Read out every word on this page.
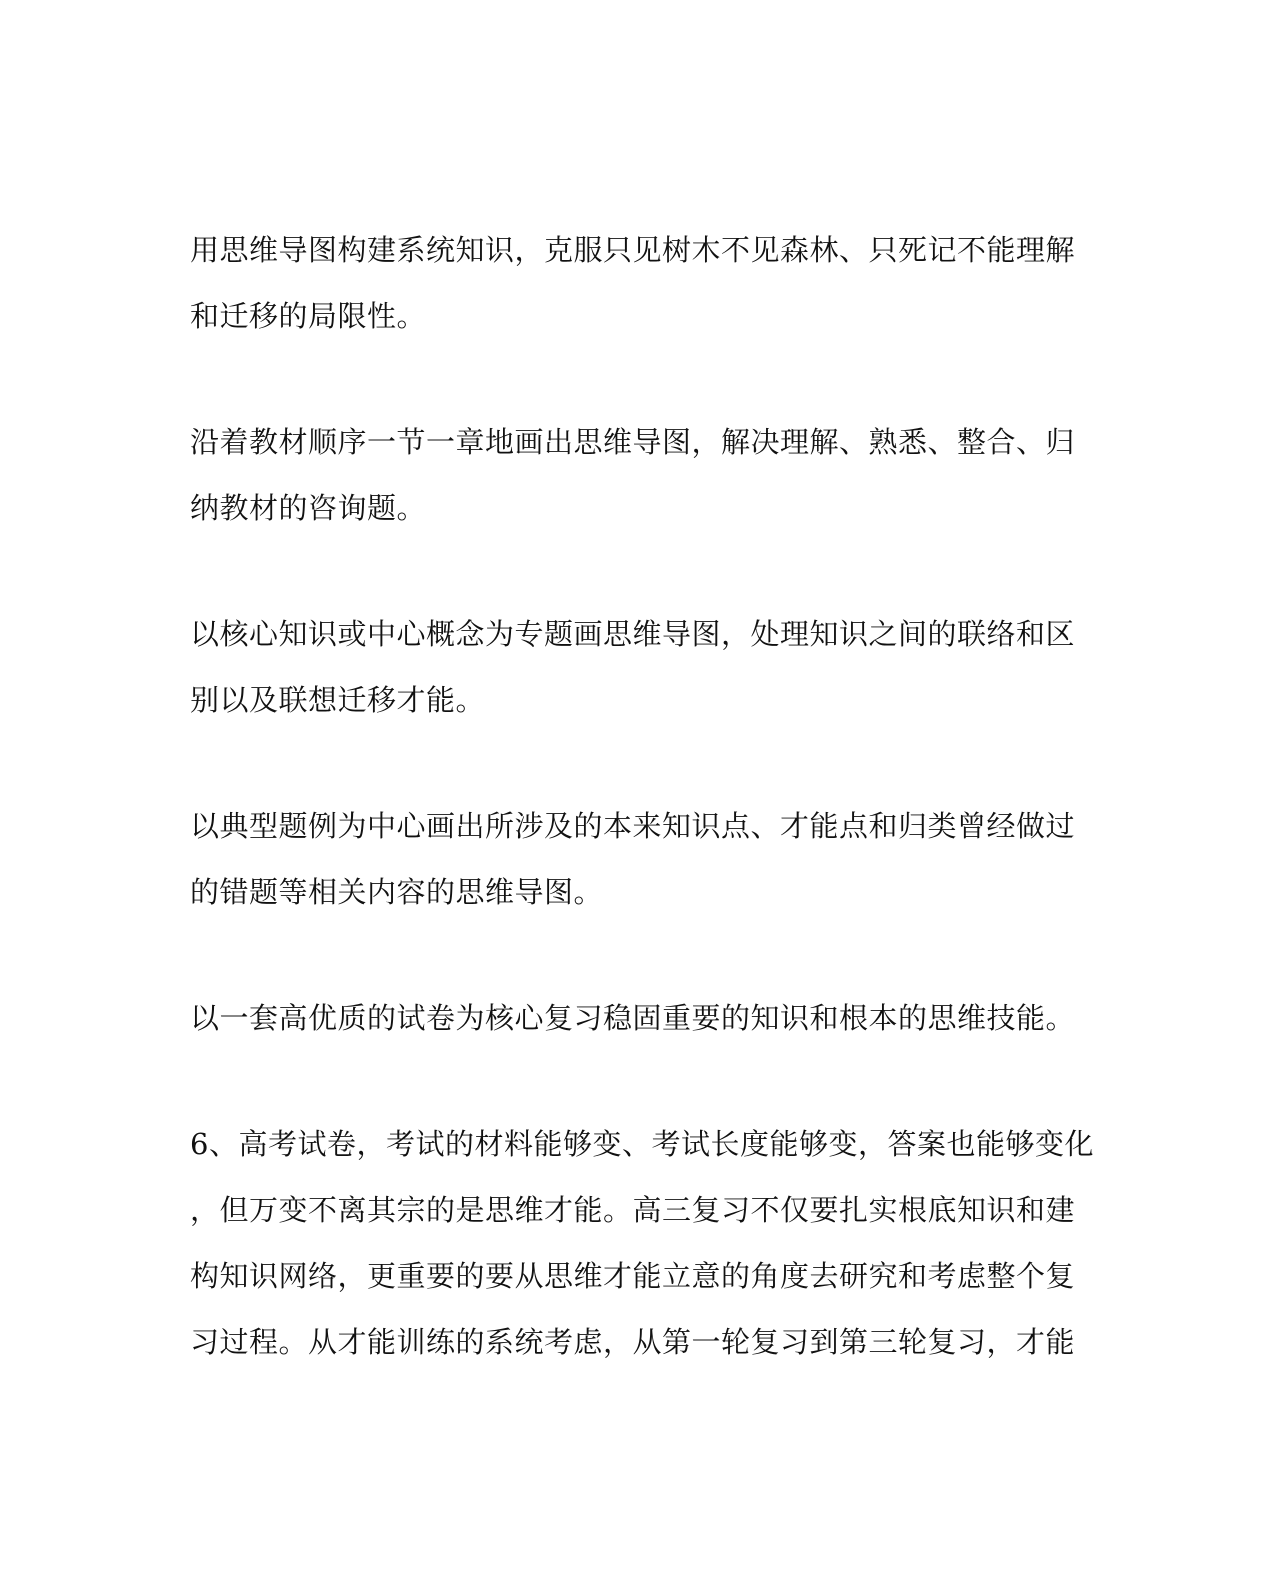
用思维导图构建系统知识，克服只见树木不见森林、只死记不能理解
和迁移的局限性。
沿着教材顺序一节一章地画出思维导图，解决理解、熟悉、整合、归
纳教材的咨询题。
以核心知识或中心概念为专题画思维导图，处理知识之间的联络和区
别以及联想迁移才能。
以典型题例为中心画出所涉及的本来知识点、才能点和归类曾经做过
的错题等相关内容的思维导图。
以一套高优质的试卷为核心复习稳固重要的知识和根本的思维技能。
6、高考试卷，考试的材料能够变、考试长度能够变，答案也能够变化
，但万变不离其宗的是思维才能。高三复习不仅要扎实根底知识和建
构知识网络，更重要的要从思维才能立意的角度去研究和考虑整个复
习过程。从才能训练的系统考虑，从第一轮复习到第三轮复习，才能
